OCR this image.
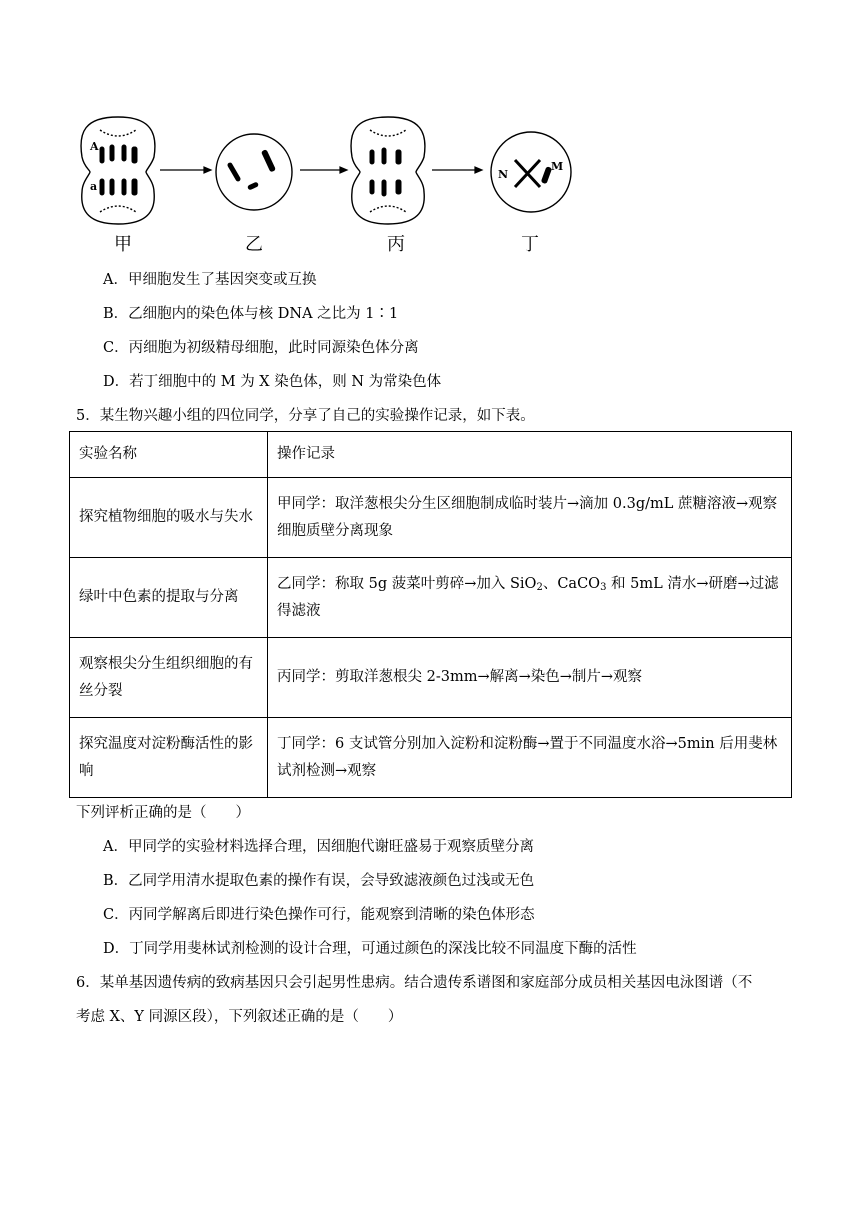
A
a
N
M
甲	乙	丙	丁
A．甲细胞发生了基因突变或互换
B．乙细胞内的染色体与核 DNA 之比为 1∶1
C．丙细胞为初级精母细胞，此时同源染色体分离
D．若丁细胞中的 M 为 X 染色体，则 N 为常染色体
5．某生物兴趣小组的四位同学，分享了自己的实验操作记录，如下表。
实验名称	操作记录
探究植物细胞的吸水与失水	甲同学：取洋葱根尖分生区细胞制成临时装片→滴加 0.3g/mL 蔗糖溶液→观察细胞质壁分离现象
绿叶中色素的提取与分离	乙同学：称取 5g 菠菜叶剪碎→加入 SiO$_2$、CaCO$_3$ 和 5mL 清水→研磨→过滤得滤液
观察根尖分生组织细胞的有丝分裂	丙同学：剪取洋葱根尖 2-3mm→解离→染色→制片→观察
探究温度对淀粉酶活性的影响	丁同学：6 支试管分别加入淀粉和淀粉酶→置于不同温度水浴→5min 后用斐林试剂检测→观察
下列评析正确的是（　　）
A．甲同学的实验材料选择合理，因细胞代谢旺盛易于观察质壁分离
B．乙同学用清水提取色素的操作有误，会导致滤液颜色过浅或无色
C．丙同学解离后即进行染色操作可行，能观察到清晰的染色体形态
D．丁同学用斐林试剂检测的设计合理，可通过颜色的深浅比较不同温度下酶的活性
6．某单基因遗传病的致病基因只会引起男性患病。结合遗传系谱图和家庭部分成员相关基因电泳图谱（不
考虑 X、Y 同源区段），下列叙述正确的是（　　）
